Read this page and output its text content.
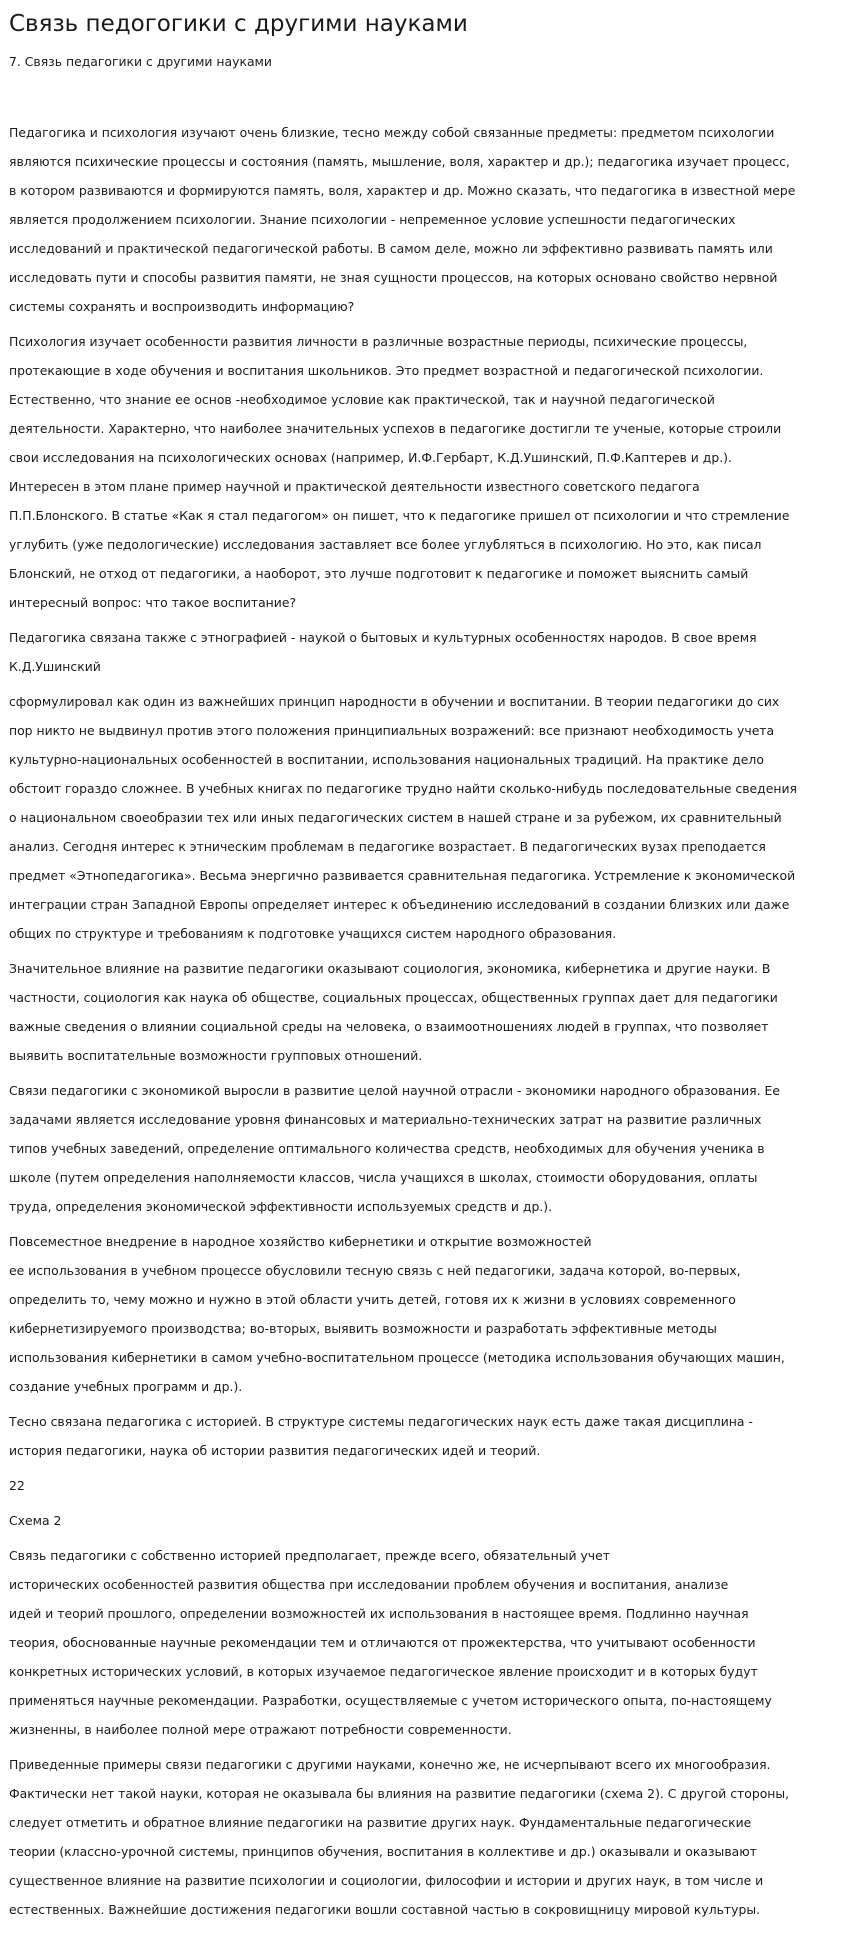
Связь педогогики с другими науками
7. Связь педагогики с другими науками

Педагогика и психология изучают очень близкие, тесно между собой связанные предметы: предметом психологии
являются психические процессы и состояния (память, мышление, воля, характер и др.); педагогика изучает процесс,
в котором развиваются и формируются память, воля, характер и др. Можно сказать, что педагогика в известной мере
является продолжением психологии. Знание психологии - непременное условие успешности педагогических
исследований и практической педагогической работы. В самом деле, можно ли эффективно развивать память или
исследовать пути и способы развития памяти, не зная сущности процессов, на которых основано свойство нервной
системы сохранять и воспроизводить информацию?

Психология изучает особенности развития личности в различные возрастные периоды, психические процессы,
протекающие в ходе обучения и воспитания школьников. Это предмет возрастной и педагогической психологии.
Естественно, что знание ее основ -необходимое условие как практической, так и научной педагогической
деятельности. Характерно, что наиболее значительных успехов в педагогике достигли те ученые, которые строили
свои исследования на психологических основах (например, И.Ф.Гербарт, К.Д.Ушинский, П.Ф.Каптерев и др.).
Интересен в этом плане пример научной и практической деятельности известного советского педагога
П.П.Блонского. В статье «Как я стал педагогом» он пишет, что к педагогике пришел от психологии и что стремление
углубить (уже педологические) исследования заставляет все более углубляться в психологию. Но это, как писал
Блонский, не отход от педагогики, а наоборот, это лучше подготовит к педагогике и поможет выяснить самый
интересный вопрос: что такое воспитание?

Педагогика связана также с этнографией - наукой о бытовых и культурных особенностях народов. В свое время
К.Д.Ушинский

сформулировал как один из важнейших принцип народности в обучении и воспитании. В теории педагогики до сих
пор никто не выдвинул против этого положения принципиальных возражений: все признают необходимость учета
культурно-национальных особенностей в воспитании, использования национальных традиций. На практике дело
обстоит гораздо сложнее. В учебных книгах по педагогике трудно найти сколько-нибудь последовательные сведения
о национальном своеобразии тех или иных педагогических систем в нашей стране и за рубежом, их сравнительный
анализ. Сегодня интерес к этническим проблемам в педагогике возрастает. В педагогических вузах преподается
предмет «Этнопедагогика». Весьма энергично развивается сравнительная педагогика. Устремление к экономической
интеграции стран Западной Европы определяет интерес к объединению исследований в создании близких или даже
общих по структуре и требованиям к подготовке учащихся систем народного образования.

Значительное влияние на развитие педагогики оказывают социология, экономика, кибернетика и другие науки. В
частности, социология как наука об обществе, социальных процессах, общественных группах дает для педагогики
важные сведения о влиянии социальной среды на человека, о взаимоотношениях людей в группах, что позволяет
выявить воспитательные возможности групповых отношений.

Связи педагогики с экономикой выросли в развитие целой научной отрасли - экономики народного образования. Ее
задачами является исследование уровня финансовых и материально-технических затрат на развитие различных
типов учебных заведений, определение оптимального количества средств, необходимых для обучения ученика в
школе (путем определения наполняемости классов, числа учащихся в школах, стоимости оборудования, оплаты
труда, определения экономической эффективности используемых средств и др.).

Повсеместное внедрение в народное хозяйство кибернетики и открытие возможностей
ее использования в учебном процессе обусловили тесную связь с ней педагогики, задача которой, во-первых,
определить то, чему можно и нужно в этой области учить детей, готовя их к жизни в условиях современного
кибернетизируемого производства; во-вторых, выявить возможности и разработать эффективные методы
использования кибернетики в самом учебно-воспитательном процессе (методика использования обучающих машин,
создание учебных программ и др.).

Тесно связана педагогика с историей. В структуре системы педагогических наук есть даже такая дисциплина -
история педагогики, наука об истории развития педагогических идей и теорий.

22

Схема 2

Связь педагогики с собственно историей предполагает, прежде всего, обязательный учет
исторических особенностей развития общества при исследовании проблем обучения и воспитания, анализе
идей и теорий прошлого, определении возможностей их использования в настоящее время. Подлинно научная
теория, обоснованные научные рекомендации тем и отличаются от прожектерства, что учитывают особенности
конкретных исторических условий, в которых изучаемое педагогическое явление происходит и в которых будут
применяться научные рекомендации. Разработки, осуществляемые с учетом исторического опыта, по-настоящему
жизненны, в наиболее полной мере отражают потребности современности.

Приведенные примеры связи педагогики с другими науками, конечно же, не исчерпывают всего их многообразия.
Фактически нет такой науки, которая не оказывала бы влияния на развитие педагогики (схема 2). С другой стороны,
следует отметить и обратное влияние педагогики на развитие других наук. Фундаментальные педагогические
теории (классно-урочной системы, принципов обучения, воспитания в коллективе и др.) оказывали и оказывают
существенное влияние на развитие психологии и социологии, философии и истории и других наук, в том числе и
естественных. Важнейшие достижения педагогики вошли составной частью в сокровищницу мировой культуры.
